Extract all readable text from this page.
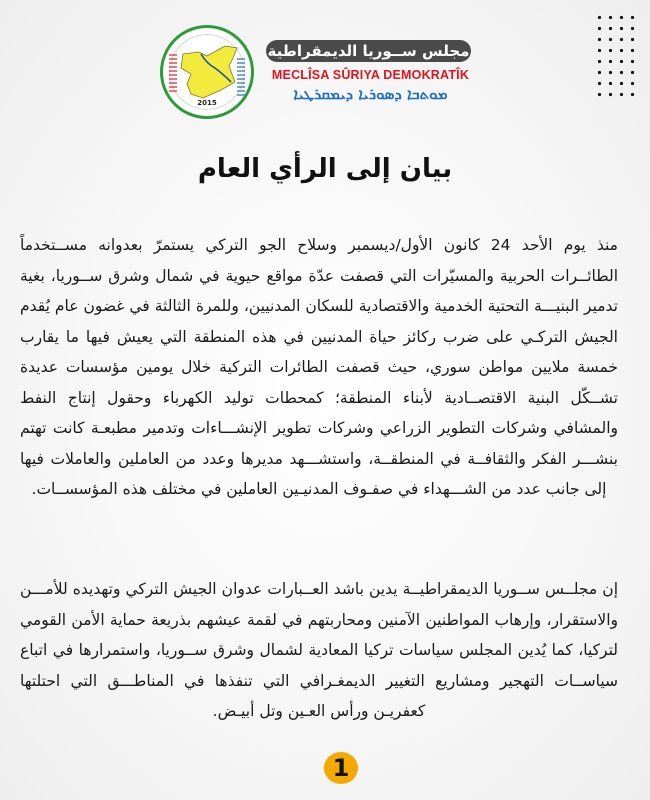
2015
مجلس ســوريا الديمقراطية
MECLÎSA SÛRIYA DEMOKRATÎK
ܡܘܬܒܐ ܕܣܘܪܝܐ ܕܝܡܩܪܛܝܐ
بيان إلى الرأي العام

منذ يوم الأحد 24 كانون الأول/ديسمبر وسلاح الجو التركي يستمرّ بعدوانه مســتخدماً الطائــرات الحربية والمسيّرات التي قصفت عدّة مواقع حيوية في شمال وشرق ســوريا، بغية تدمير البنيـــة التحتية الخدمية والاقتصادية للسكان المدنيين، وللمرة الثالثة في غضون عام يُقدم الجيش التركـي على ضرب ركائز حياة المدنيين في هذه المنطقة التي يعيش فيها ما يقارب خمسة ملايين مواطن سوري، حيث قصفت الطائرات التركية خلال يومين مؤسسات عديدة تشــكّل البنية الاقتصــادية لأبناء المنطقة؛ كمحطات توليد الكهرباء وحقول إنتاج النفط والمشافي وشركات التطوير الزراعي وشركات تطوير الإنشـــاءات وتدمير مطبعـة كانت تهتم بنشـــر الفكر والثقافــة في المنطقــة، واستشـــهد مديرها وعدد من العاملين والعاملات فيها إلى جانب عدد من الشـــهداء في صفـوف المدنيـين العاملين في مختلف هذه المؤسســات.

إن مجلــس ســوريا الديمقراطيــة يدين باشد العــبارات عدوان الجيش التركي وتهديده للأمـــن والاستقرار، وإرهاب المواطنين الآمنين ومحاربتهم في لقمة عيشهم بذريعة حماية الأمن القومي لتركيا، كما يُدين المجلس سياسات تركيا المعادية لشمال وشرق ســوريا، واستمرارها في اتباع سياســات التهجير ومشاريع التغيير الديمغـرافي التي تنفذها في المناطـــق التي احتلتها كعفريـن ورأس العـين وتل أبيـض.

1
